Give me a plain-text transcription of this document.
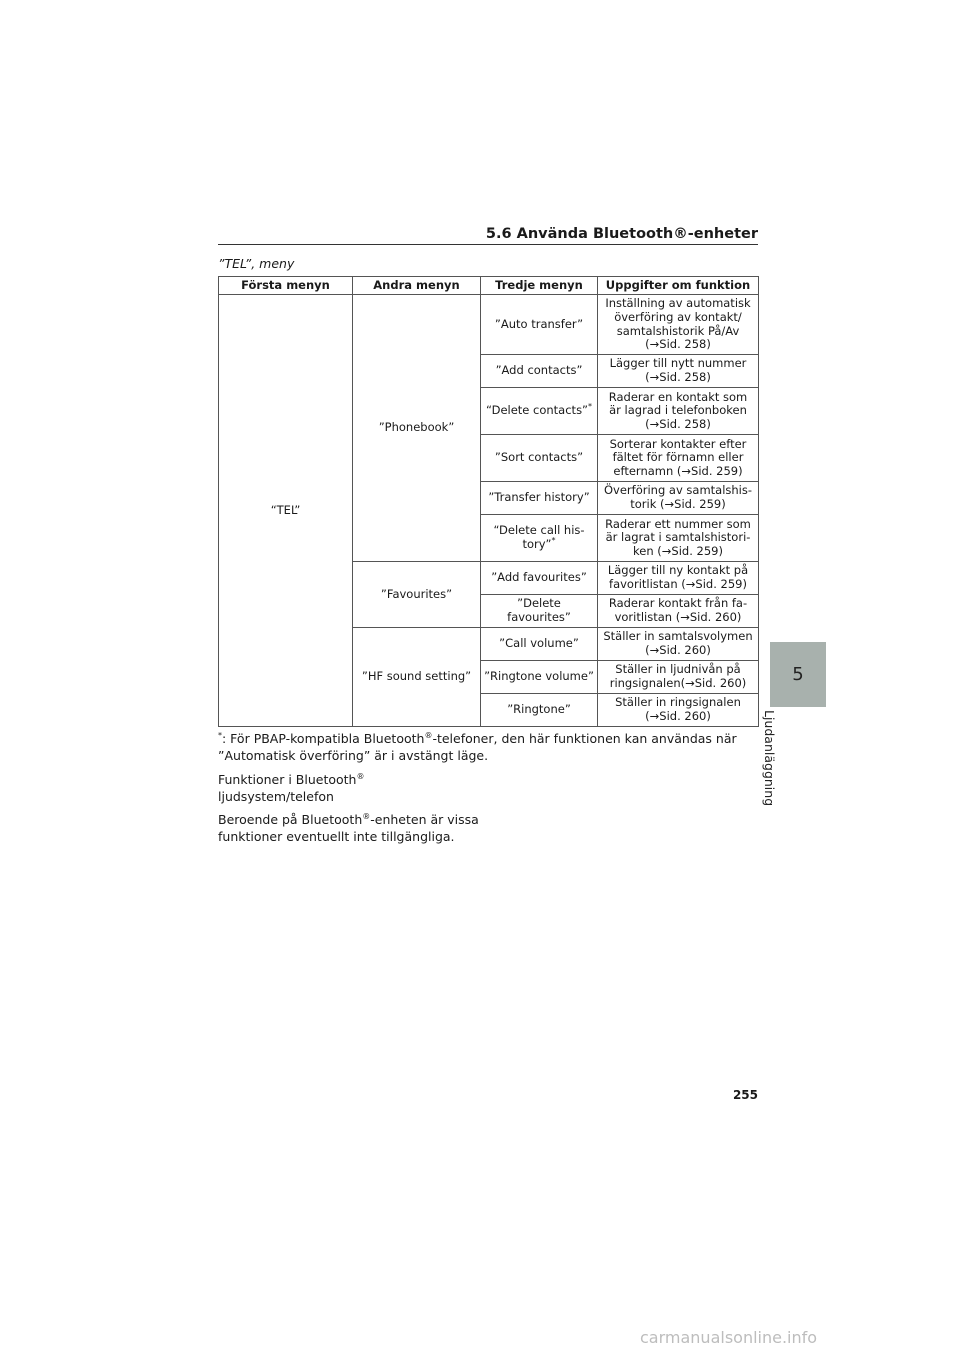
5.6 Använda Bluetooth®-enheter
”TEL”, meny
Första menyn	Andra menyn	Tredje menyn	Uppgifter om funktion
“TEL”	”Phonebook”	”Auto transfer”	Inställning av automatisk överföring av kontakt/ samtalshistorik På/Av (→Sid. 258)
		”Add contacts”	Lägger till nytt nummer (→Sid. 258)
		“Delete contacts”*	Raderar en kontakt som är lagrad i telefonboken (→Sid. 258)
		”Sort contacts”	Sorterar kontakter efter fältet för förnamn eller efternamn (→Sid. 259)
		”Transfer history”	Överföring av samtalshis- torik (→Sid. 259)
		“Delete call his- tory”*	Raderar ett nummer som är lagrat i samtalshistori- ken (→Sid. 259)
	”Favourites”	”Add favourites”	Lägger till ny kontakt på favoritlistan (→Sid. 259)
		”Delete favourites”	Raderar kontakt från fa- voritlistan (→Sid. 260)
	”HF sound setting”	”Call volume”	Ställer in samtalsvolymen (→Sid. 260)
		”Ringtone volume”	Ställer in ljudnivån på ringsignalen(→Sid. 260)
		”Ringtone”	Ställer in ringsignalen (→Sid. 260)
*: För PBAP-kompatibla Bluetooth®-telefoner, den här funktionen kan användas när ”Automatisk överföring” är i avstängt läge.
Funktioner i Bluetooth®
ljudsystem/telefon
Beroende på Bluetooth®-enheten är vissa funktioner eventuellt inte tillgängliga.
5
Ljudanläggning
255
carmanualsonline.info
